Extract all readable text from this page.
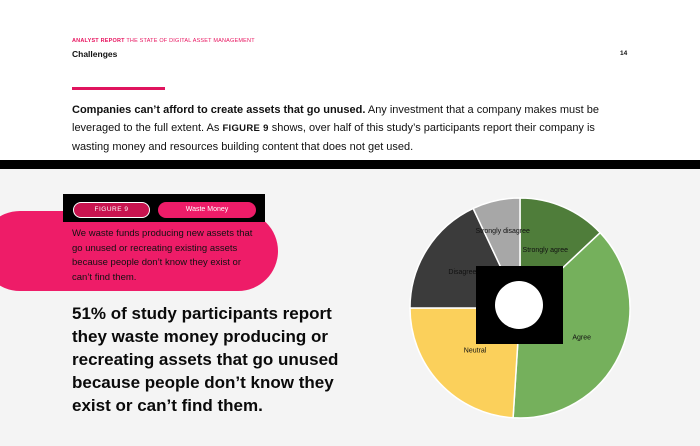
ANALYST REPORT THE STATE OF DIGITAL ASSET MANAGEMENT
Challenges	14

Companies can’t afford to create assets that go unused. Any investment that a company makes must be leveraged to the full extent. As FIGURE 9 shows, over half of this study’s participants report their company is wasting money and resources building content that does not get used.

FIGURE 9	Waste Money
We waste funds producing new assets that go unused or recreating existing assets because people don’t know they exist or can’t find them.
51% of study participants report they waste money producing or recreating assets that go unused because people don’t know they exist or can’t find them.
Strongly agree
Agree
Neutral
Disagree
Strongly disagree
